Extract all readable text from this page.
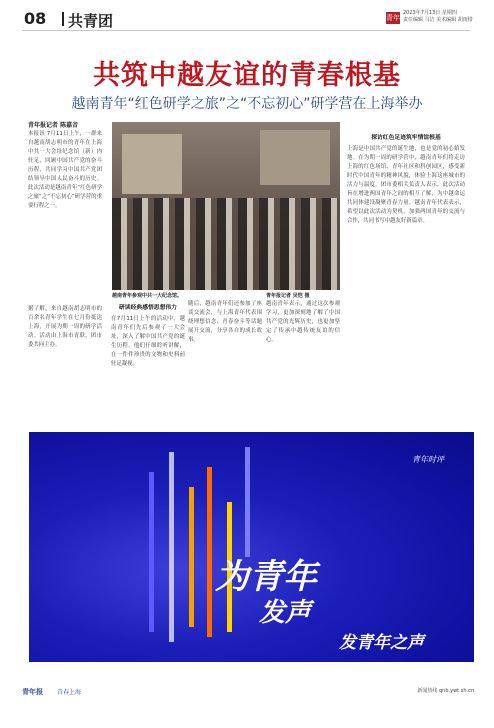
08 共青团	青年报
2023年7月13日 星期四
责任编辑 马洁 美术编辑 胡雨惜
共筑中越友谊的青春根基
越南青年“红色研学之旅”之“不忘初心”研学营在上海举办
青年报记者 陈嘉音
本报讯 7月11日上午，一群来自越南胡志明市的青年在上海中共一大会址纪念馆（新）内驻足，回顾中国共产党的奋斗历程，共同学习中国共产党团结领导中国人民奋斗的历史。此次活动是越南青年“红色研学之旅”之“不忘初心”研学营的重要行程之一。
据了解，来自越南胡志明市的百余名青年学生在七月份抵达上海，开展为期一周的研学活动。活动由上海市青联、团市委共同主办。
越南青年参观中共一大纪念馆。	青年报记者 吴恺 摄
研读经典感悟思想伟力
在7月11日上午的活动中，越南青年们先后参观了一大会址，深入了解中国共产党的诞生历程。他们仔细聆听讲解，在一件件珍贵的文物和史料前驻足凝视。
随后，越南青年们还参加了座谈交流会，与上海青年代表围绕理想信念、青春奋斗等话题展开交流，分享各自的成长故事。
越南青年表示，通过这次参观学习，更加深刻地了解了中国共产党的光辉历史，也更加坚定了传承中越传统友谊的信心。
探访红色足迹筑牢情谊根基
上海是中国共产党的诞生地，也是党的初心始发地。在为期一周的研学营中，越南青年们将走访上海的红色场馆、青年社区和科创园区，感受新时代中国青年的精神风貌，体验上海这座城市的活力与温度。团市委相关负责人表示，此次活动旨在增进两国青年之间的相互了解，为中越命运共同体建设凝聚青春力量。越南青年代表表示，希望以此次活动为契机，加强两国青年的交流与合作，共同书写中越友好新篇章。
青年时评
为青年
发声
发青年之声
青年报 青春上海	新闻热线 qnb.ywt.sh.cn
